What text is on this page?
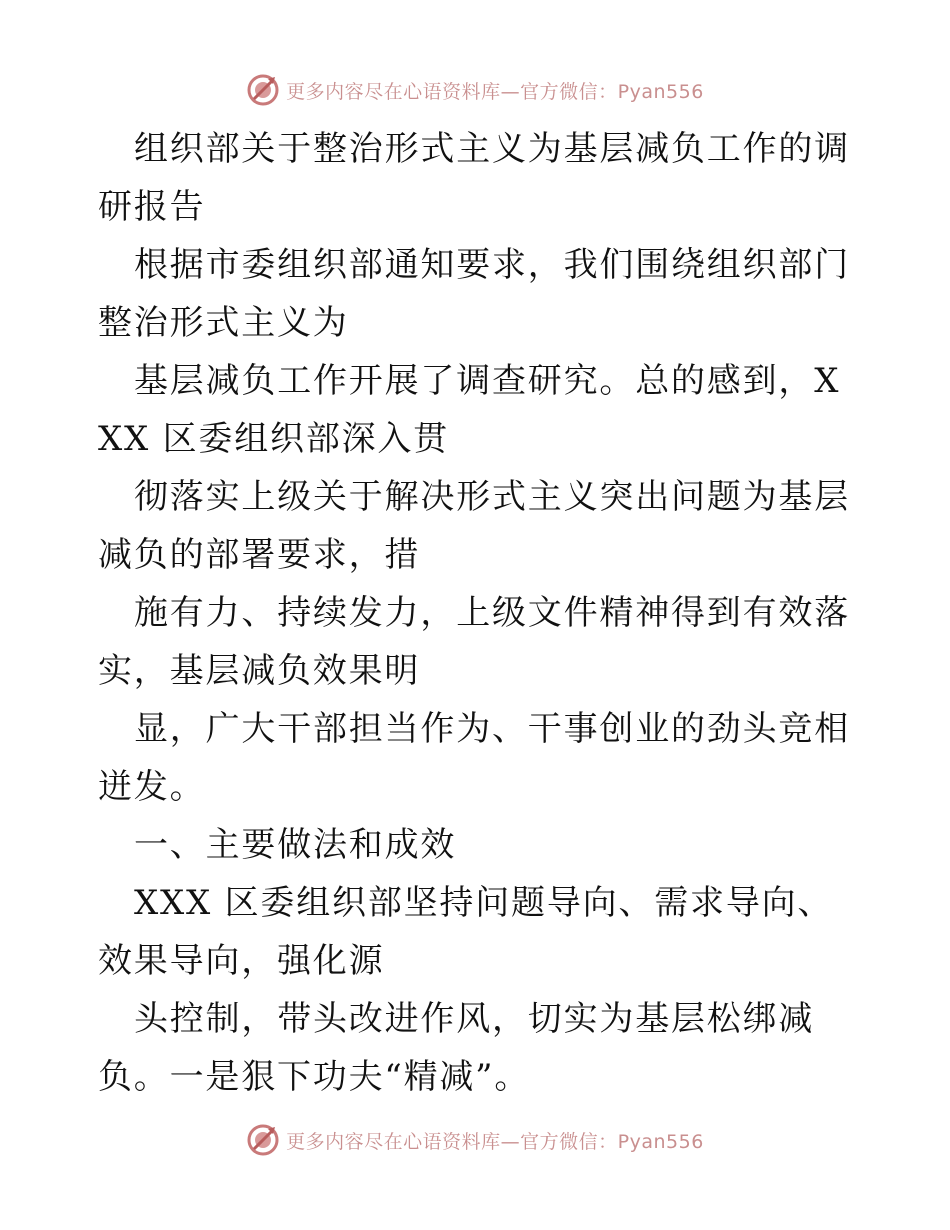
更多内容尽在心语资料库—官方微信：Pyan556

组织部关于整治形式主义为基层减负工作的调研报告

根据市委组织部通知要求，我们围绕组织部门整治形式主义为

基层减负工作开展了调查研究。总的感到，XXX 区委组织部深入贯

彻落实上级关于解决形式主义突出问题为基层减负的部署要求，措

施有力、持续发力，上级文件精神得到有效落实，基层减负效果明

显，广大干部担当作为、干事创业的劲头竞相迸发。

一、主要做法和成效

XXX 区委组织部坚持问题导向、需求导向、效果导向，强化源

头控制，带头改进作风，切实为基层松绑减负。一是狠下功夫“精减”。

更多内容尽在心语资料库—官方微信：Pyan556
